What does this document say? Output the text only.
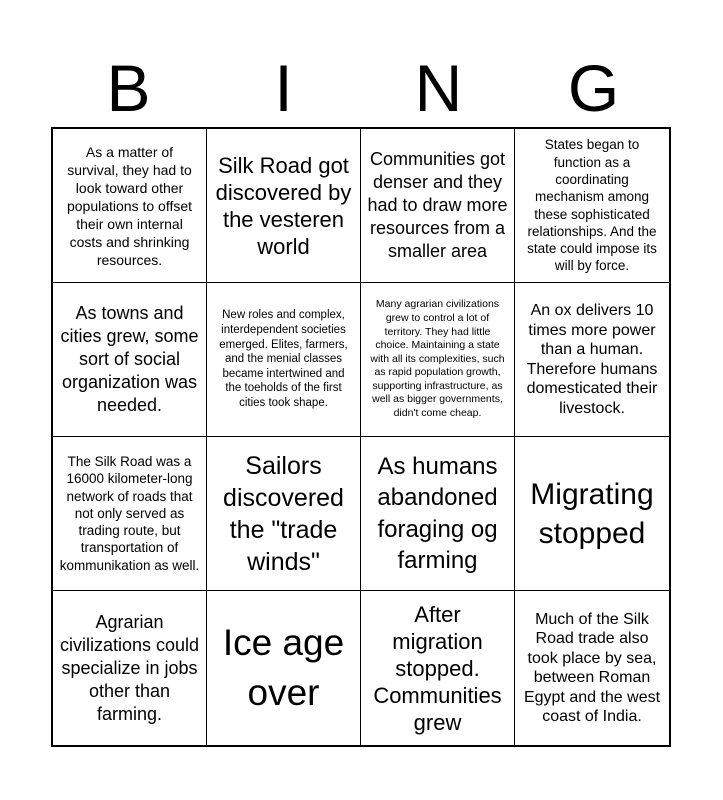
B	I	N	G
As a matter of survival, they had to look toward other populations to offset their own internal costs and shrinking resources.
Silk Road got discovered by the vesteren world
Communities got denser and they had to draw more resources from a smaller area
States began to function as a coordinating mechanism among these sophisticated relationships. And the state could impose its will by force.
As towns and cities grew, some sort of social organization was needed.
New roles and complex, interdependent societies emerged. Elites, farmers, and the menial classes became intertwined and the toeholds of the first cities took shape.
Many agrarian civilizations grew to control a lot of territory. They had little choice. Maintaining a state with all its complexities, such as rapid population growth, supporting infrastructure, as well as bigger governments, didn't come cheap.
An ox delivers 10 times more power than a human. Therefore humans domesticated their livestock.
The Silk Road was a 16000 kilometer-long network of roads that not only served as trading route, but transportation of kommunikation as well.
Sailors discovered the "trade winds"
As humans abandoned foraging og farming
Migrating stopped
Agrarian civilizations could specialize in jobs other than farming.
Ice age over
After migration stopped. Communities grew
Much of the Silk Road trade also took place by sea, between Roman Egypt and the west coast of India.
